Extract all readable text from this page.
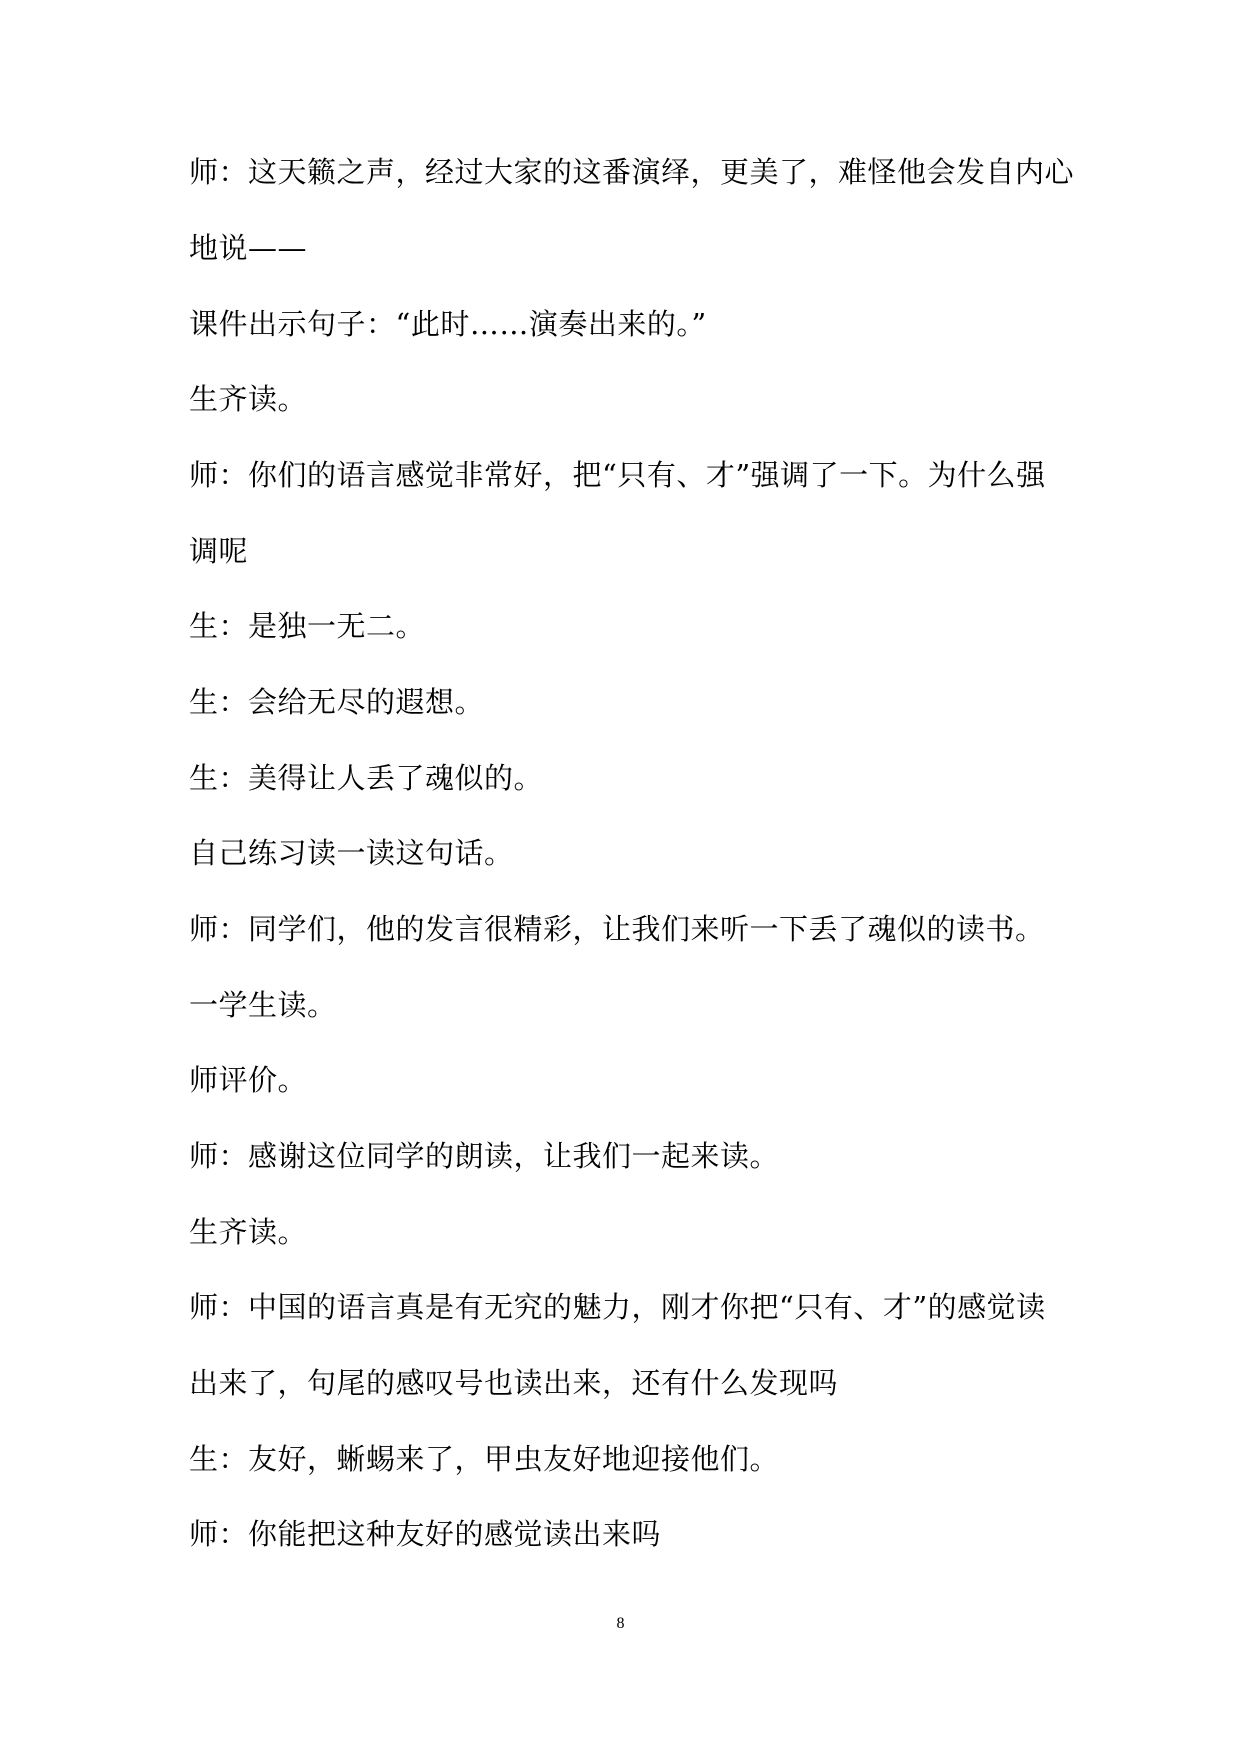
师：这天籁之声，经过大家的这番演绎，更美了，难怪他会发自内心
地说——
课件出示句子：“此时……演奏出来的。”
生齐读。
师：你们的语言感觉非常好，把“只有、才”强调了一下。为什么强
调呢
生：是独一无二。
生：会给无尽的遐想。
生：美得让人丢了魂似的。
自己练习读一读这句话。
师：同学们，他的发言很精彩，让我们来听一下丢了魂似的读书。
一学生读。
师评价。
师：感谢这位同学的朗读，让我们一起来读。
生齐读。
师：中国的语言真是有无究的魅力，刚才你把“只有、才”的感觉读
出来了，句尾的感叹号也读出来，还有什么发现吗
生：友好，蜥蜴来了，甲虫友好地迎接他们。
师：你能把这种友好的感觉读出来吗
8
